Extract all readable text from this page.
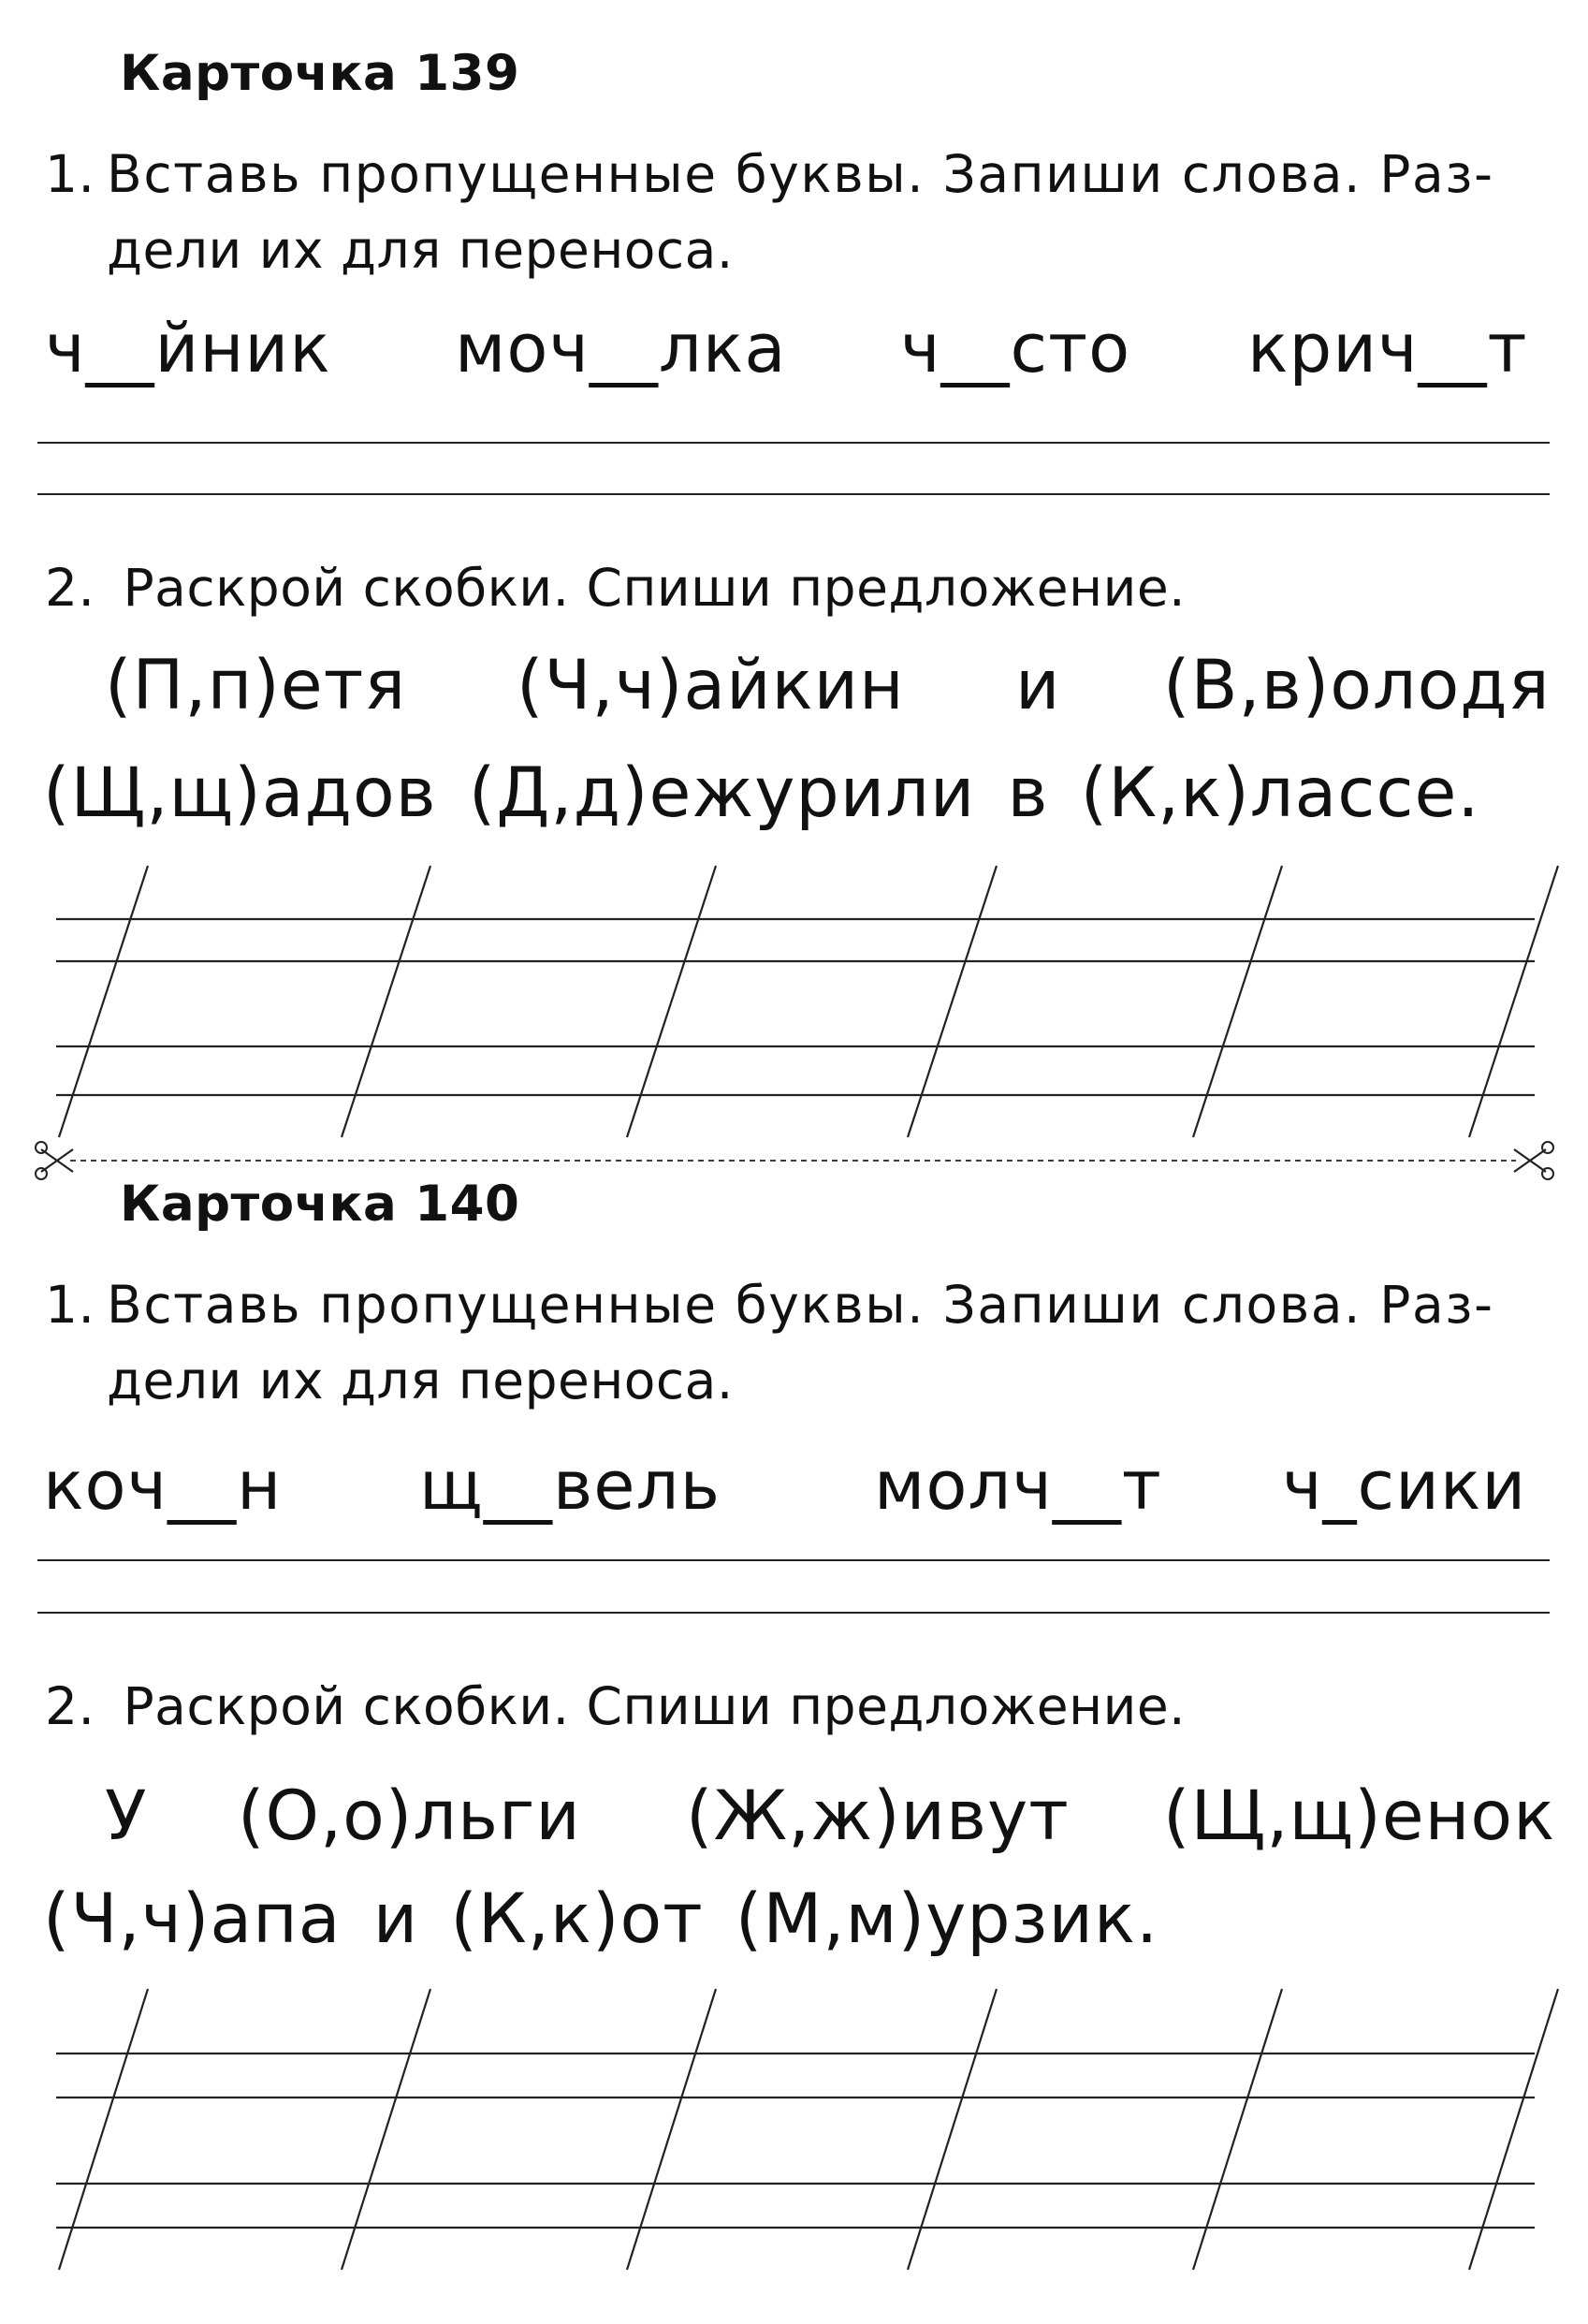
Карточка 139
1. Вставь пропущенные буквы. Запиши слова. Раз-
дели их для переноса.
ч__йник моч__лка ч__сто крич__т
2. Раскрой скобки. Спиши предложение.
(П,п)етя (Ч,ч)айкин и (В,в)олодя
(Щ,щ)адов (Д,д)ежурили в (К,к)лассе.
Карточка 140
1. Вставь пропущенные буквы. Запиши слова. Раз-
дели их для переноса.
коч__н щ__вель молч__т ч_сики
2. Раскрой скобки. Спиши предложение.
У (О,о)льги (Ж,ж)ивут (Щ,щ)енок
(Ч,ч)апа и (К,к)от (М,м)урзик.
